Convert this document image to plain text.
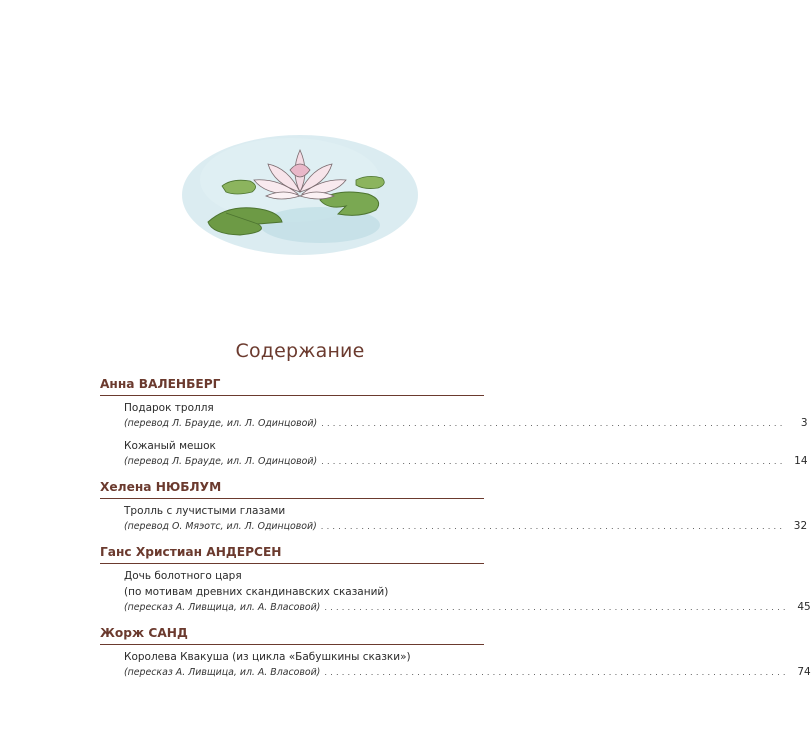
Содержание
Анна ВАЛЕНБЕРГ
Подарок тролля
(перевод Л. Брауде, ил. Л. Одинцовой) ................................................................................	3
Кожаный мешок
(перевод Л. Брауде, ил. Л. Одинцовой) ................................................................................ 14
Хелена НЮБЛУМ
Тролль с лучистыми глазами
(перевод О. Мяэотс, ил. Л. Одинцовой) ................................................................................ 32
Ганс Христиан АНДЕРСЕН
Дочь болотного царя
(по мотивам древних скандинавских сказаний)
(пересказ А. Ливщица, ил. А. Власовой) ................................................................................ 45
Жорж САНД
Королева Квакуша (из цикла «Бабушкины сказки»)
(пересказ А. Ливщица, ил. А. Власовой) ................................................................................ 74
